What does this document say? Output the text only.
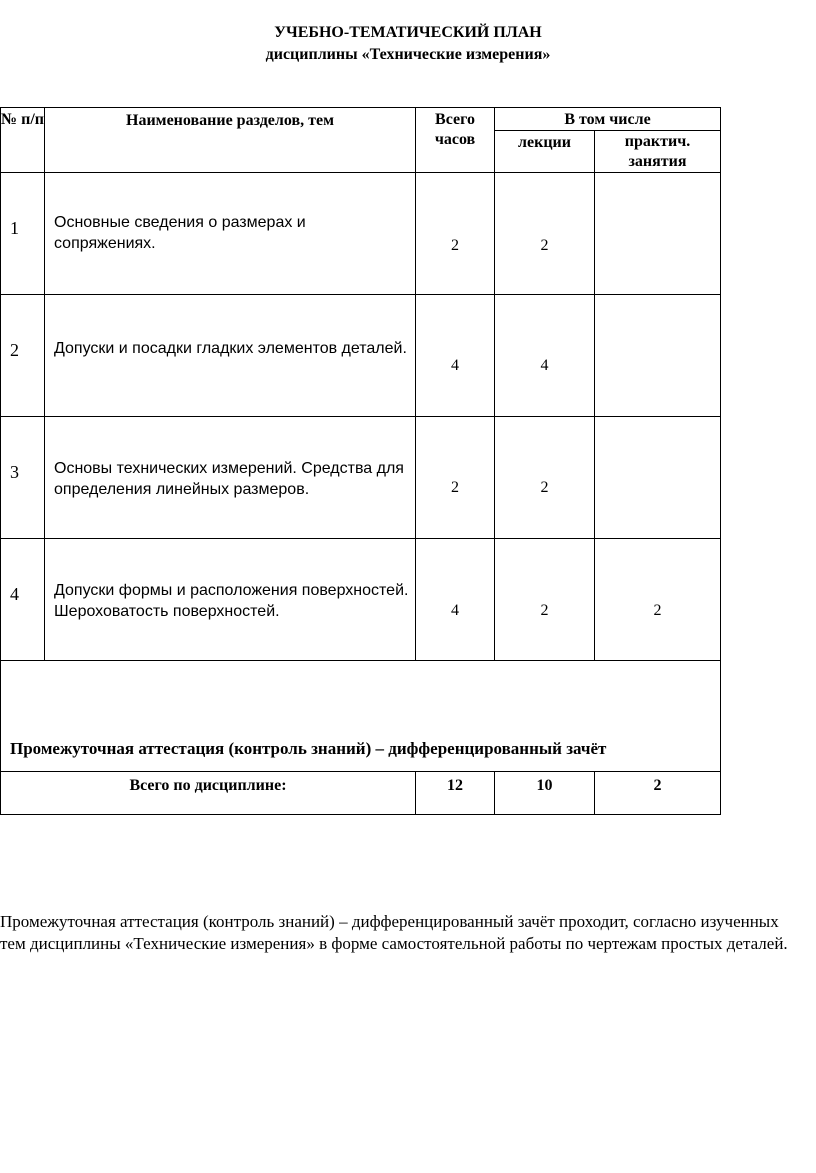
УЧЕБНО-ТЕМАТИЧЕСКИЙ ПЛАН
дисциплины «Технические измерения»
№ п/п	Наименование разделов, тем	Всего часов	В том числе	
			лекции	практич. занятия
1	Основные сведения о размерах и сопряжениях.	2	2	
2	Допуски и посадки гладких элементов деталей.	4	4	
3	Основы технических измерений. Средства для определения линейных размеров.	2	2	
4	Допуски формы и расположения поверхностей. Шероховатость поверхностей.	4	2	2
Промежуточная аттестация (контроль знаний) – дифференцированный зачёт				
Всего по дисциплине:		12	10	2
Промежуточная аттестация (контроль знаний) – дифференцированный зачёт проходит, согласно изученных тем дисциплины «Технические измерения» в форме самостоятельной работы по чертежам простых деталей.
